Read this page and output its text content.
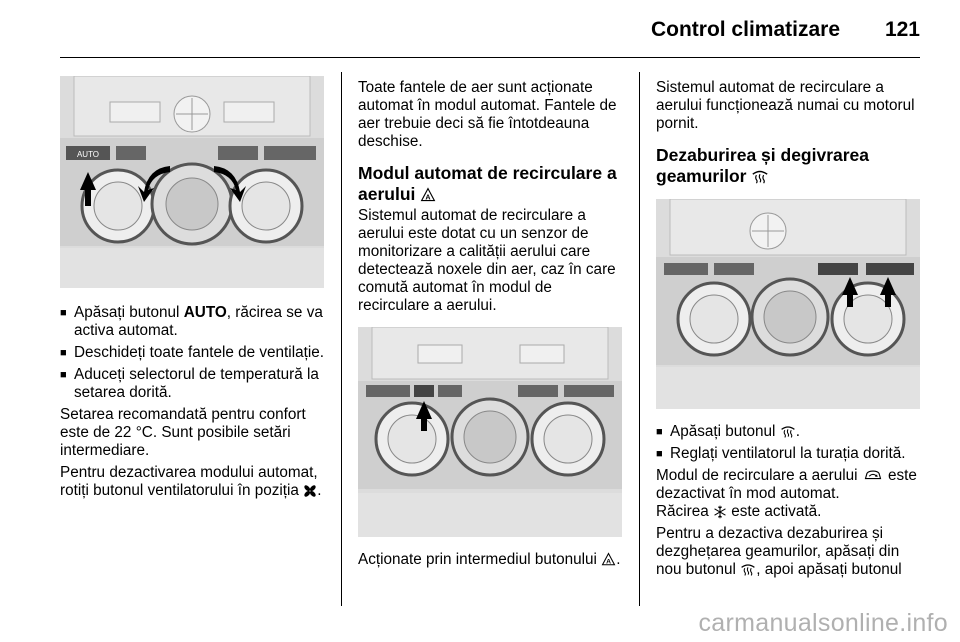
Control climatizare 121
AUTO
■ Apăsați butonul AUTO, răcirea se va activa automat.
■ Deschideți toate fantele de ventilație.
■ Aduceți selectorul de temperatură la setarea dorită.

Setarea recomandată pentru confort este de 22 °C. Sunt posibile setări intermediare.

Pentru dezactivarea modului automat, rotiți butonul ventilatorului în poziția .

Toate fantele de aer sunt acționate automat în modul automat. Fantele de aer trebuie deci să fie întotdeauna deschise.

Modul automat de recirculare a aerului

Sistemul automat de recirculare a aerului este dotat cu un senzor de monitorizare a calității aerului care detectează noxele din aer, caz în care comută automat în modul de recirculare a aerului.

Acționate prin intermediul butonului .

Sistemul automat de recirculare a aerului funcționează numai cu motorul pornit.

Dezaburirea și degivrarea geamurilor
■ Apăsați butonul .
■ Reglați ventilatorul la turația dorită.

Modul de recirculare a aerului este dezactivat în mod automat.
Răcirea este activată.

Pentru a dezactiva dezaburirea și dezghețarea geamurilor, apăsați din nou butonul , apoi apăsați butonul

carmanualsonline.info
